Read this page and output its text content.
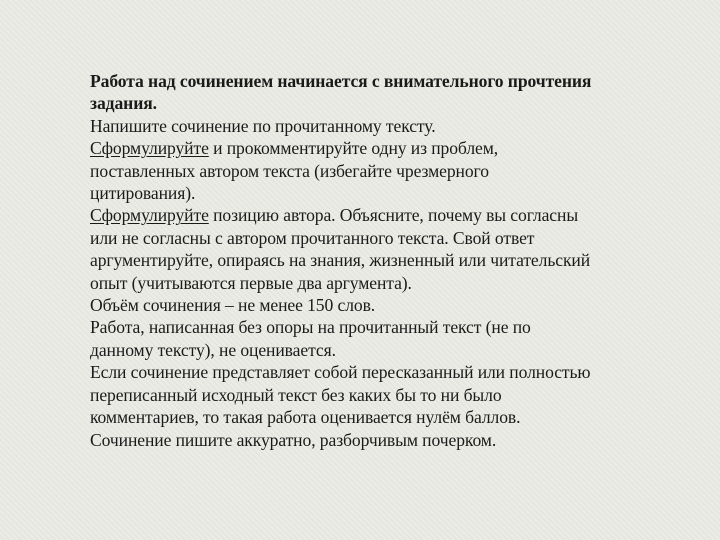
Работа над сочинением начинается с внимательного прочтения
задания.
Напишите сочинение по прочитанному тексту.
Сформулируйте и прокомментируйте одну из проблем,
поставленных автором текста (избегайте чрезмерного
цитирования).
Сформулируйте позицию автора. Объясните, почему вы согласны
или не согласны с автором прочитанного текста. Свой ответ
аргументируйте, опираясь на знания, жизненный или читательский
опыт (учитываются первые два аргумента).
Объём сочинения – не менее 150 слов.
Работа, написанная без опоры на прочитанный текст (не по
данному тексту), не оценивается.
Если сочинение представляет собой пересказанный или полностью
переписанный исходный текст без каких бы то ни было
комментариев, то такая работа оценивается нулём баллов.
Сочинение пишите аккуратно, разборчивым почерком.
